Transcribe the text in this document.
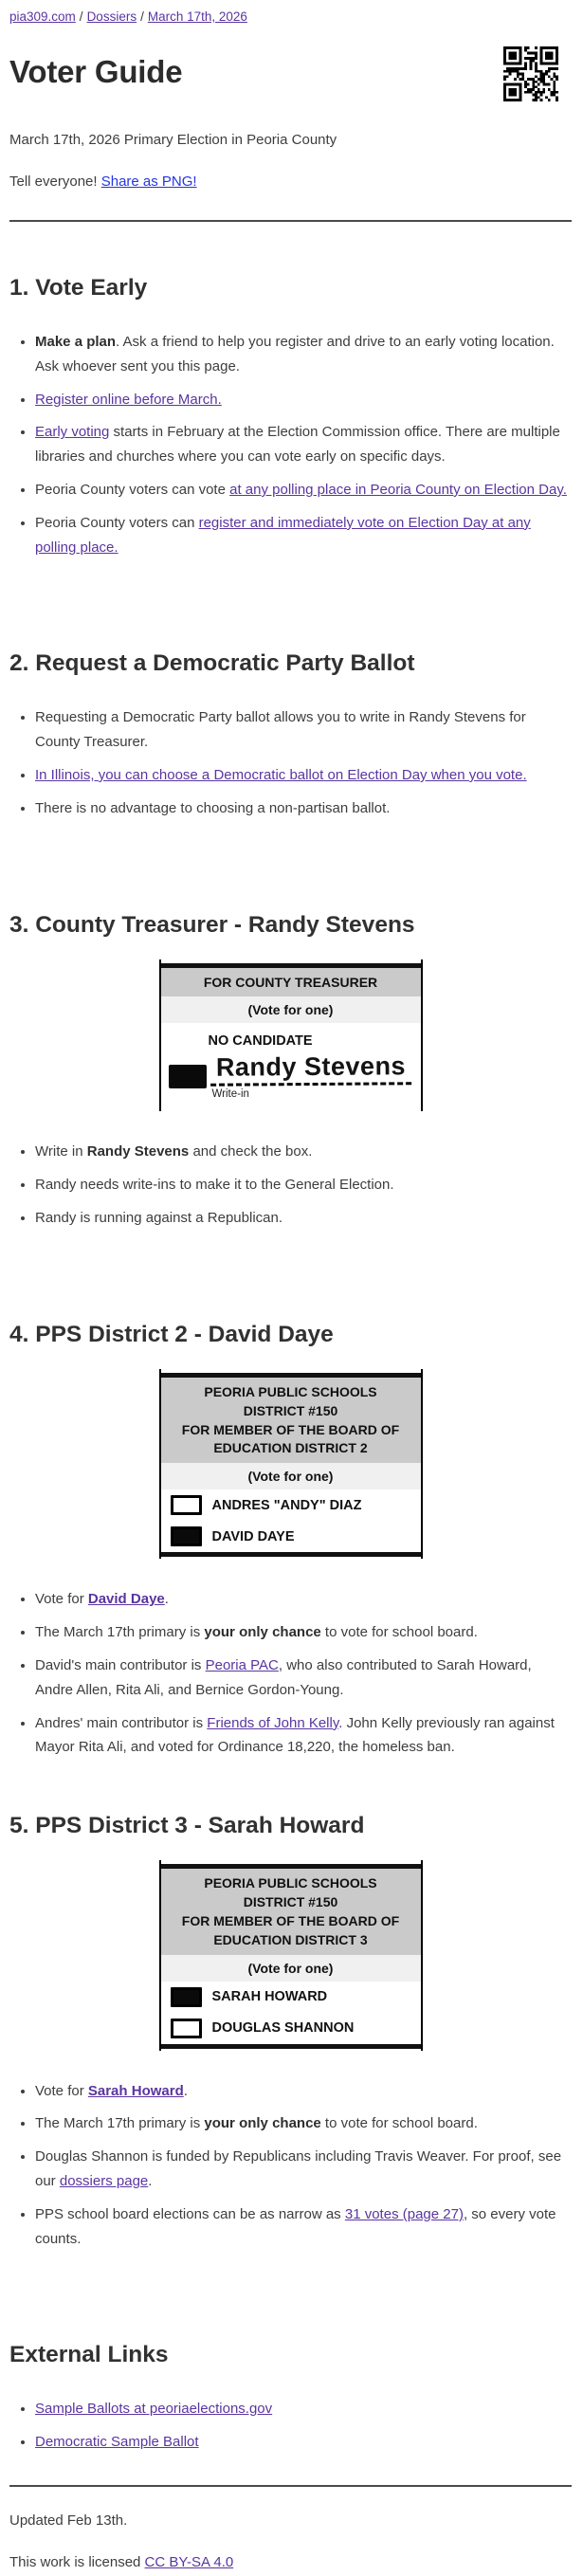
pia309.com / Dossiers / March 17th, 2026
Voter Guide
March 17th, 2026 Primary Election in Peoria County
Tell everyone! Share as PNG!
1. Vote Early
• Make a plan. Ask a friend to help you register and drive to an early voting location. Ask whoever sent you this page.
• Register online before March.
• Early voting starts in February at the Election Commission office. There are multiple libraries and churches where you can vote early on specific days.
• Peoria County voters can vote at any polling place in Peoria County on Election Day.
• Peoria County voters can register and immediately vote on Election Day at any polling place.
2. Request a Democratic Party Ballot
• Requesting a Democratic Party ballot allows you to write in Randy Stevens for County Treasurer.
• In Illinois, you can choose a Democratic ballot on Election Day when you vote.
• There is no advantage to choosing a non-partisan ballot.
3. County Treasurer - Randy Stevens
FOR COUNTY TREASURER
(Vote for one)
NO CANDIDATE
Randy Stevens
Write-in
• Write in Randy Stevens and check the box.
• Randy needs write-ins to make it to the General Election.
• Randy is running against a Republican.
4. PPS District 2 - David Daye
PEORIA PUBLIC SCHOOLS
DISTRICT #150
FOR MEMBER OF THE BOARD OF
EDUCATION DISTRICT 2
(Vote for one)
ANDRES "ANDY" DIAZ
DAVID DAYE
• Vote for David Daye.
• The March 17th primary is your only chance to vote for school board.
• David's main contributor is Peoria PAC, who also contributed to Sarah Howard, Andre Allen, Rita Ali, and Bernice Gordon-Young.
• Andres' main contributor is Friends of John Kelly. John Kelly previously ran against Mayor Rita Ali, and voted for Ordinance 18,220, the homeless ban.
5. PPS District 3 - Sarah Howard
PEORIA PUBLIC SCHOOLS
DISTRICT #150
FOR MEMBER OF THE BOARD OF
EDUCATION DISTRICT 3
(Vote for one)
SARAH HOWARD
DOUGLAS SHANNON
• Vote for Sarah Howard.
• The March 17th primary is your only chance to vote for school board.
• Douglas Shannon is funded by Republicans including Travis Weaver. For proof, see our dossiers page.
• PPS school board elections can be as narrow as 31 votes (page 27), so every vote counts.
External Links
• Sample Ballots at peoriaelections.gov
• Democratic Sample Ballot

Updated Feb 13th.

This work is licensed CC BY-SA 4.0
